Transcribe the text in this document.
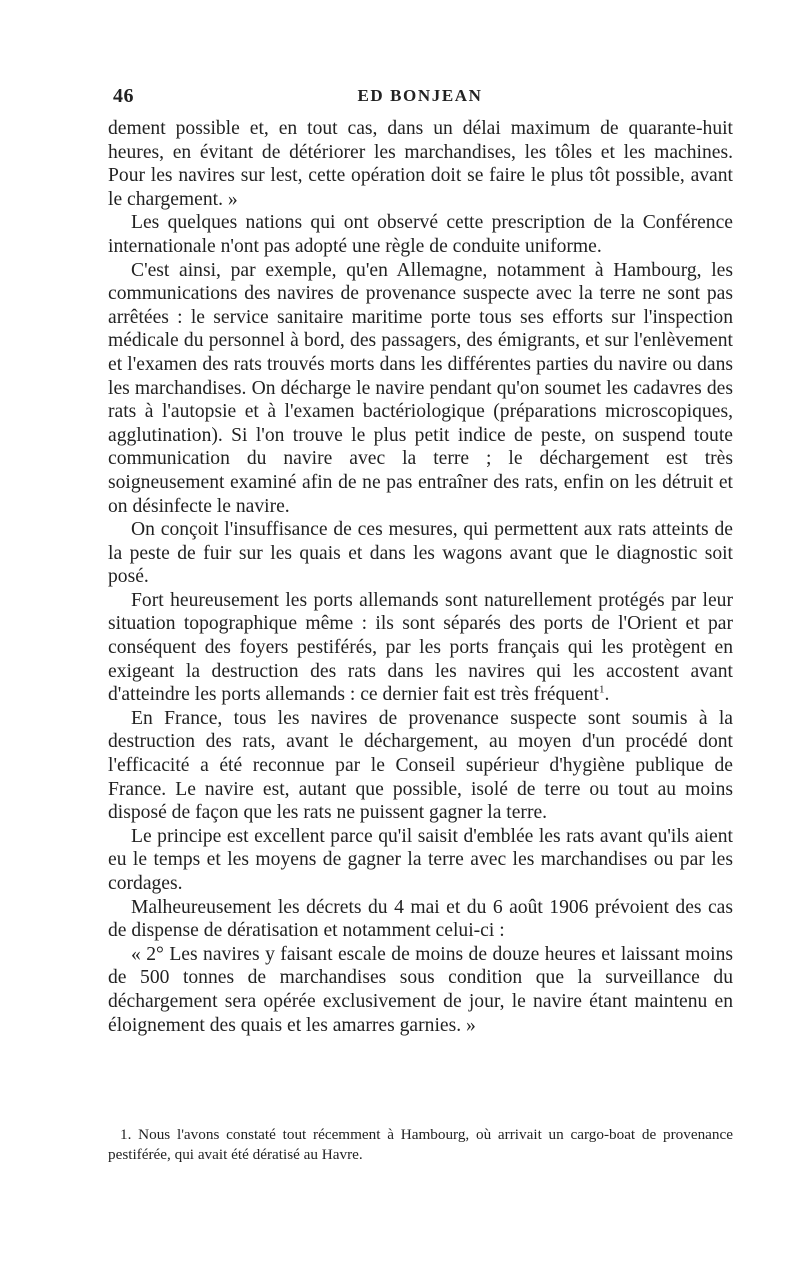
46	ED BONJEAN

dement possible et, en tout cas, dans un délai maximum de quarante-huit heures, en évitant de détériorer les marchandises, les tôles et les machines. Pour les navires sur lest, cette opération doit se faire le plus tôt possible, avant le chargement. »

Les quelques nations qui ont observé cette prescription de la Conférence internationale n'ont pas adopté une règle de conduite uniforme.

C'est ainsi, par exemple, qu'en Allemagne, notamment à Hambourg, les communications des navires de provenance suspecte avec la terre ne sont pas arrêtées : le service sanitaire maritime porte tous ses efforts sur l'inspection médicale du personnel à bord, des passagers, des émigrants, et sur l'enlèvement et l'examen des rats trouvés morts dans les différentes parties du navire ou dans les marchandises. On décharge le navire pendant qu'on soumet les cadavres des rats à l'autopsie et à l'examen bactériologique (préparations microscopiques, agglutination). Si l'on trouve le plus petit indice de peste, on suspend toute communication du navire avec la terre ; le déchargement est très soigneusement examiné afin de ne pas entraîner des rats, enfin on les détruit et on désinfecte le navire.

On conçoit l'insuffisance de ces mesures, qui permettent aux rats atteints de la peste de fuir sur les quais et dans les wagons avant que le diagnostic soit posé.

Fort heureusement les ports allemands sont naturellement protégés par leur situation topographique même : ils sont séparés des ports de l'Orient et par conséquent des foyers pestiférés, par les ports français qui les protègent en exigeant la destruction des rats dans les navires qui les accostent avant d'atteindre les ports allemands : ce dernier fait est très fréquent$^1$.

En France, tous les navires de provenance suspecte sont soumis à la destruction des rats, avant le déchargement, au moyen d'un procédé dont l'efficacité a été reconnue par le Conseil supérieur d'hygiène publique de France. Le navire est, autant que possible, isolé de terre ou tout au moins disposé de façon que les rats ne puissent gagner la terre.

Le principe est excellent parce qu'il saisit d'emblée les rats avant qu'ils aient eu le temps et les moyens de gagner la terre avec les marchandises ou par les cordages.

Malheureusement les décrets du 4 mai et du 6 août 1906 prévoient des cas de dispense de dératisation et notamment celui-ci :

« 2° Les navires y faisant escale de moins de douze heures et laissant moins de 500 tonnes de marchandises sous condition que la surveillance du déchargement sera opérée exclusivement de jour, le navire étant maintenu en éloignement des quais et les amarres garnies. »

1. Nous l'avons constaté tout récemment à Hambourg, où arrivait un cargo-boat de provenance pestiférée, qui avait été dératisé au Havre.
